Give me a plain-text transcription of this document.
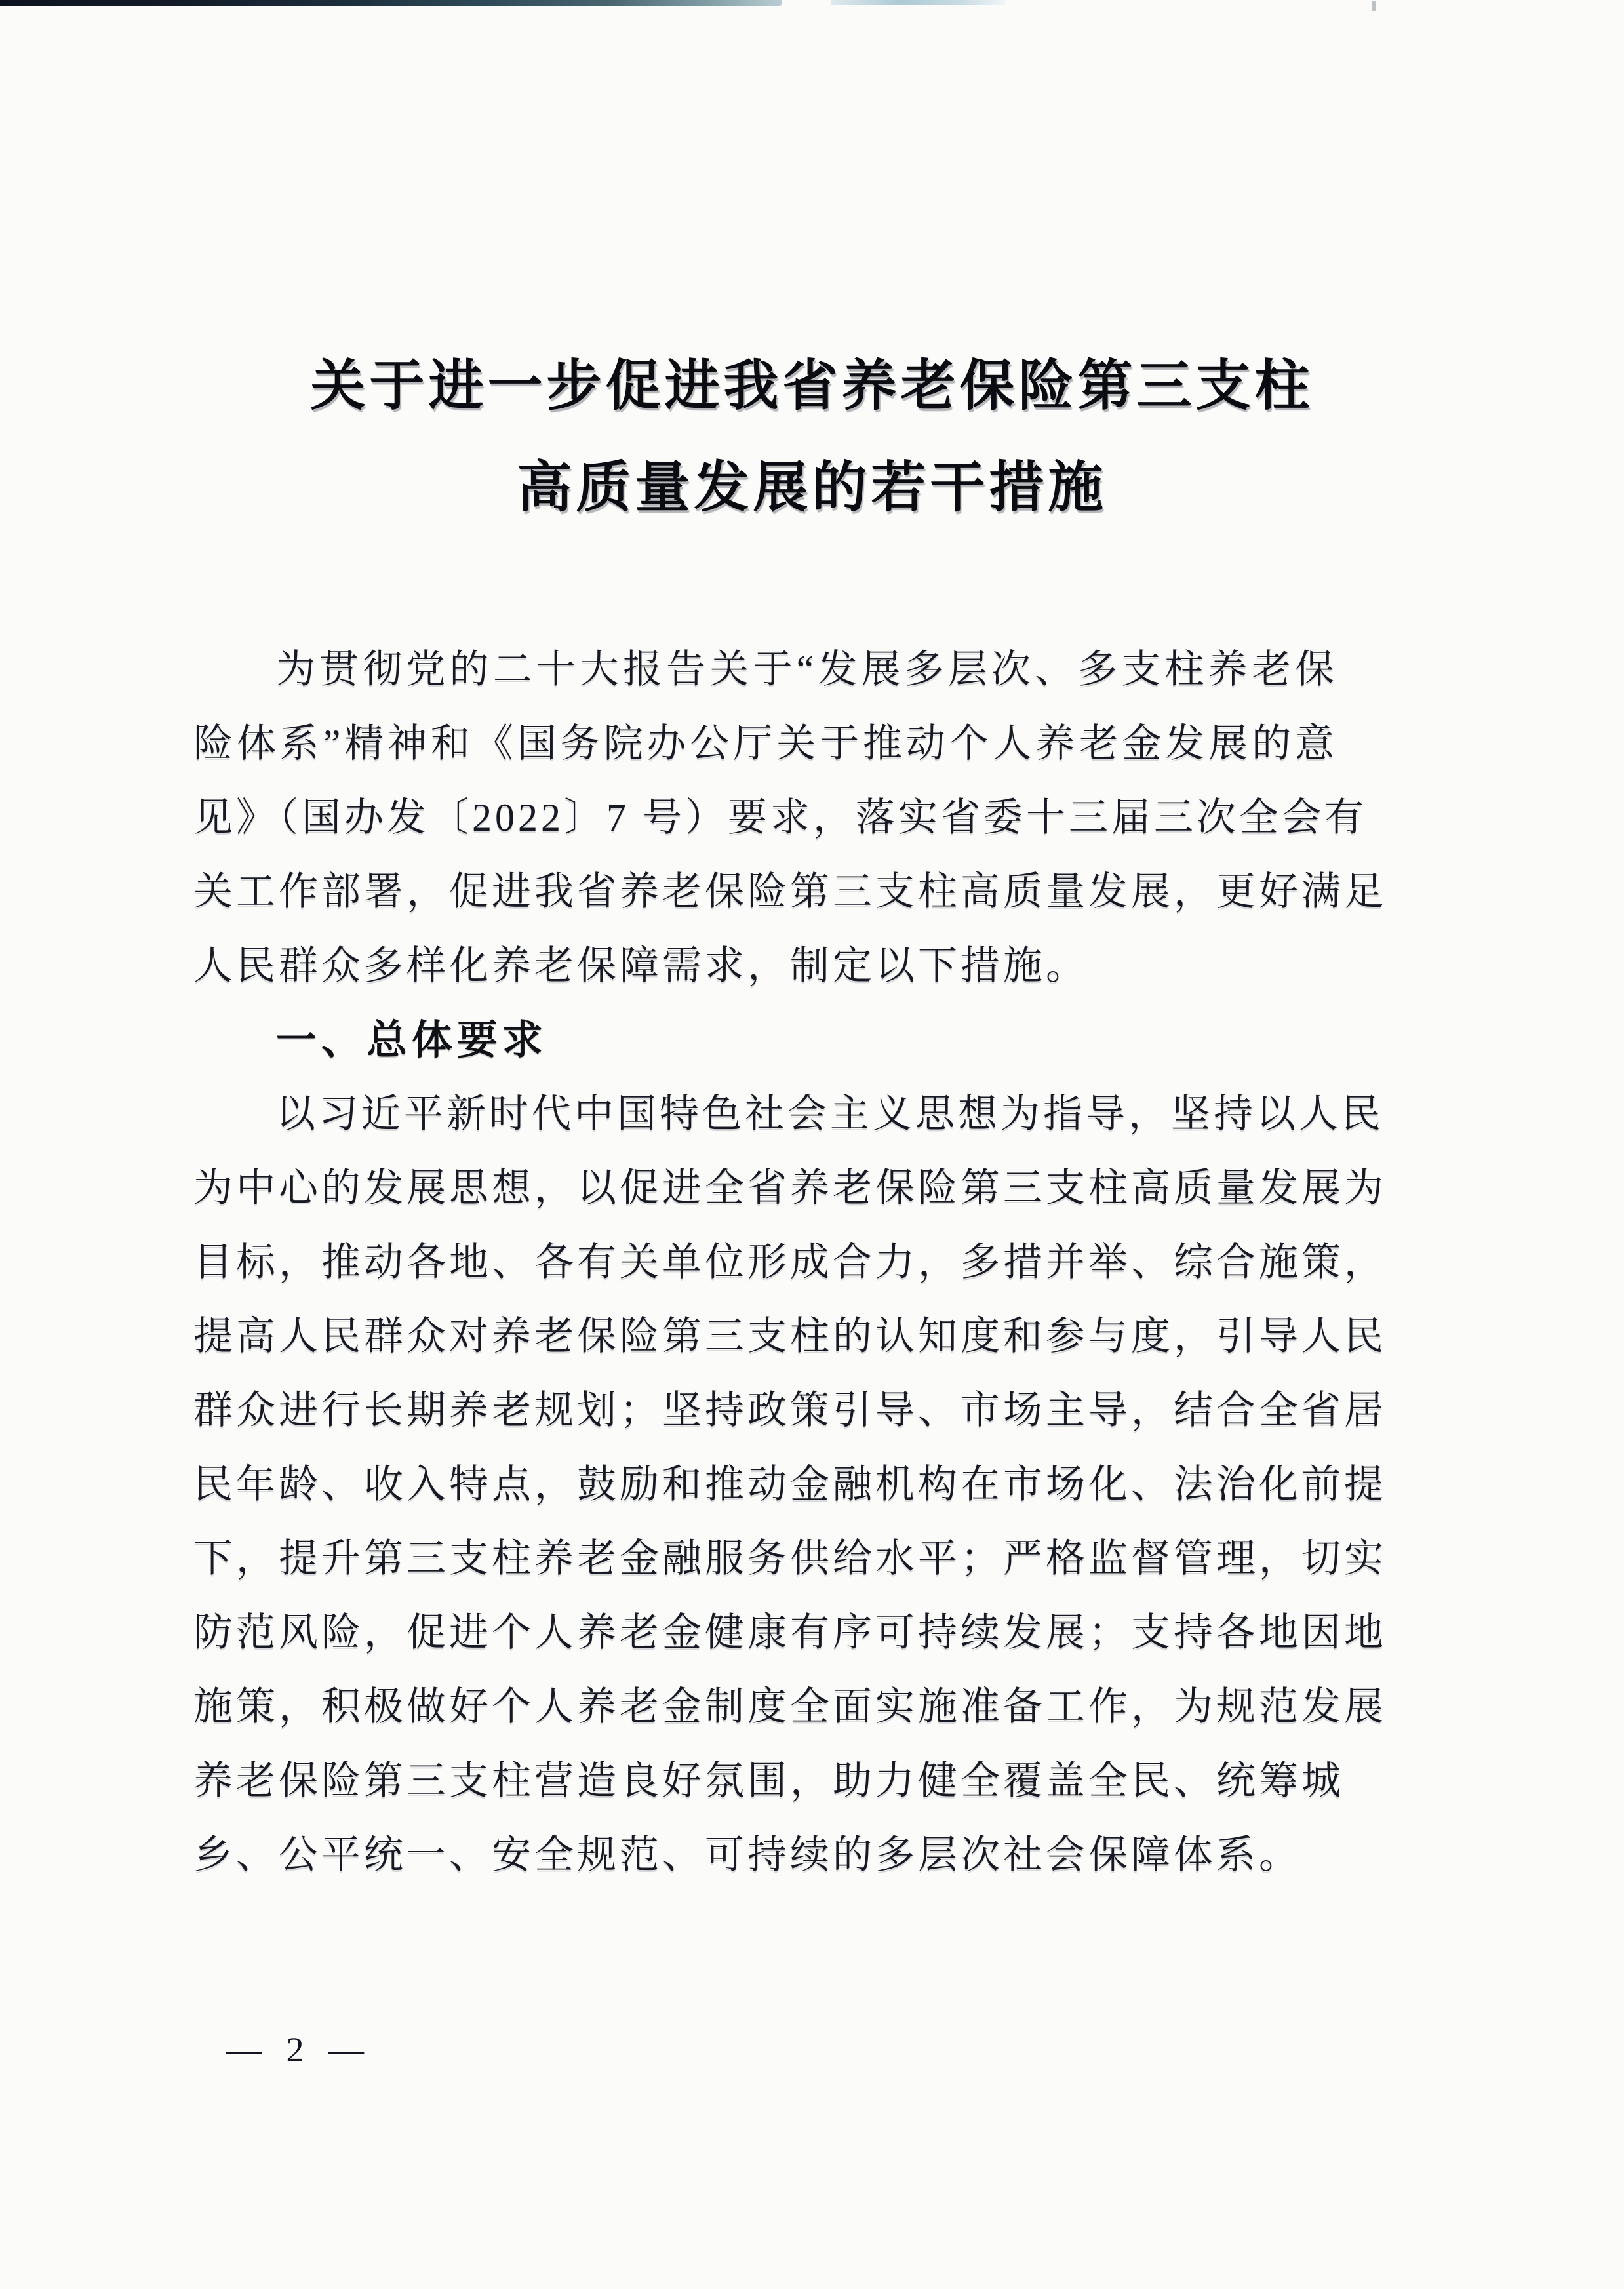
关于进一步促进我省养老保险第三支柱
高质量发展的若干措施
为贯彻党的二十大报告关于“发展多层次、多支柱养老保
险体系”精神和《国务院办公厅关于推动个人养老金发展的意
见》（国办发〔2022〕7 号）要求，落实省委十三届三次全会有
关工作部署，促进我省养老保险第三支柱高质量发展，更好满足
人民群众多样化养老保障需求，制定以下措施。
一、总体要求
以习近平新时代中国特色社会主义思想为指导，坚持以人民
为中心的发展思想，以促进全省养老保险第三支柱高质量发展为
目标，推动各地、各有关单位形成合力，多措并举、综合施策，
提高人民群众对养老保险第三支柱的认知度和参与度，引导人民
群众进行长期养老规划；坚持政策引导、市场主导，结合全省居
民年龄、收入特点，鼓励和推动金融机构在市场化、法治化前提
下，提升第三支柱养老金融服务供给水平；严格监督管理，切实
防范风险，促进个人养老金健康有序可持续发展；支持各地因地
施策，积极做好个人养老金制度全面实施准备工作，为规范发展
养老保险第三支柱营造良好氛围，助力健全覆盖全民、统筹城
乡、公平统一、安全规范、可持续的多层次社会保障体系。
— 2 —
